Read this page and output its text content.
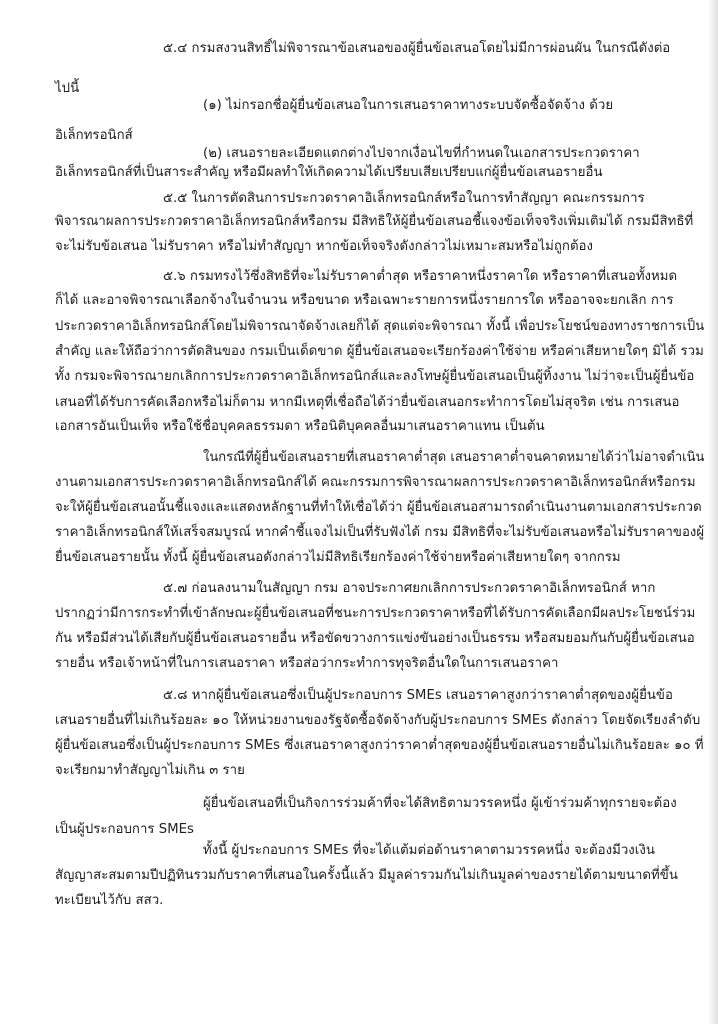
๕.๔ กรมสงวนสิทธิ์ไม่พิจารณาข้อเสนอของผู้ยื่นข้อเสนอโดยไม่มีการผ่อนผัน ในกรณีดังต่อ
ไปนี้
(๑) ไม่กรอกชื่อผู้ยื่นข้อเสนอในการเสนอราคาทางระบบจัดซื้อจัดจ้าง ด้วย
อิเล็กทรอนิกส์
(๒) เสนอรายละเอียดแตกต่างไปจากเงื่อนไขที่กำหนดในเอกสารประกวดราคา
อิเล็กทรอนิกส์ที่เป็นสาระสำคัญ หรือมีผลทำให้เกิดความได้เปรียบเสียเปรียบแก่ผู้ยื่นข้อเสนอรายอื่น
๕.๕ ในการตัดสินการประกวดราคาอิเล็กทรอนิกส์หรือในการทำสัญญา คณะกรรมการ
พิจารณาผลการประกวดราคาอิเล็กทรอนิกส์หรือกรม มีสิทธิให้ผู้ยื่นข้อเสนอชี้แจงข้อเท็จจริงเพิ่มเติมได้ กรมมีสิทธิที่
จะไม่รับข้อเสนอ ไม่รับราคา หรือไม่ทำสัญญา หากข้อเท็จจริงดังกล่าวไม่เหมาะสมหรือไม่ถูกต้อง
๕.๖ กรมทรงไว้ซึ่งสิทธิที่จะไม่รับราคาต่ำสุด หรือราคาหนึ่งราคาใด หรือราคาที่เสนอทั้งหมด
ก็ได้ และอาจพิจารณาเลือกจ้างในจำนวน หรือขนาด หรือเฉพาะรายการหนึ่งรายการใด หรืออาจจะยกเลิก การ
ประกวดราคาอิเล็กทรอนิกส์โดยไม่พิจารณาจัดจ้างเลยก็ได้ สุดแต่จะพิจารณา ทั้งนี้ เพื่อประโยชน์ของทางราชการเป็น
สำคัญ และให้ถือว่าการตัดสินของ กรมเป็นเด็ดขาด ผู้ยื่นข้อเสนอจะเรียกร้องค่าใช้จ่าย หรือค่าเสียหายใดๆ มิได้ รวม
ทั้ง กรมจะพิจารณายกเลิกการประกวดราคาอิเล็กทรอนิกส์และลงโทษผู้ยื่นข้อเสนอเป็นผู้ทิ้งงาน ไม่ว่าจะเป็นผู้ยื่นข้อ
เสนอที่ได้รับการคัดเลือกหรือไม่ก็ตาม หากมีเหตุที่เชื่อถือได้ว่ายื่นข้อเสนอกระทำการโดยไม่สุจริต เช่น การเสนอ
เอกสารอันเป็นเท็จ หรือใช้ชื่อบุคคลธรรมดา หรือนิติบุคคลอื่นมาเสนอราคาแทน เป็นต้น
ในกรณีที่ผู้ยื่นข้อเสนอรายที่เสนอราคาต่ำสุด เสนอราคาต่ำจนคาดหมายได้ว่าไม่อาจดำเนิน
งานตามเอกสารประกวดราคาอิเล็กทรอนิกส์ได้ คณะกรรมการพิจารณาผลการประกวดราคาอิเล็กทรอนิกส์หรือกรม
จะให้ผู้ยื่นข้อเสนอนั้นชี้แจงและแสดงหลักฐานที่ทำให้เชื่อได้ว่า ผู้ยื่นข้อเสนอสามารถดำเนินงานตามเอกสารประกวด
ราคาอิเล็กทรอนิกส์ให้เสร็จสมบูรณ์ หากคำชี้แจงไม่เป็นที่รับฟังได้ กรม มีสิทธิที่จะไม่รับข้อเสนอหรือไม่รับราคาของผู้
ยื่นข้อเสนอรายนั้น ทั้งนี้ ผู้ยื่นข้อเสนอดังกล่าวไม่มีสิทธิเรียกร้องค่าใช้จ่ายหรือค่าเสียหายใดๆ จากกรม
๕.๗ ก่อนลงนามในสัญญา กรม อาจประกาศยกเลิกการประกวดราคาอิเล็กทรอนิกส์ หาก
ปรากฏว่ามีการกระทำที่เข้าลักษณะผู้ยื่นข้อเสนอที่ชนะการประกวดราคาหรือที่ได้รับการคัดเลือกมีผลประโยชน์ร่วม
กัน หรือมีส่วนได้เสียกับผู้ยื่นข้อเสนอรายอื่น หรือขัดขวางการแข่งขันอย่างเป็นธรรม หรือสมยอมกันกับผู้ยื่นข้อเสนอ
รายอื่น หรือเจ้าหน้าที่ในการเสนอราคา หรือส่อว่ากระทำการทุจริตอื่นใดในการเสนอราคา
๕.๘ หากผู้ยื่นข้อเสนอซึ่งเป็นผู้ประกอบการ SMEs เสนอราคาสูงกว่าราคาต่ำสุดของผู้ยื่นข้อ
เสนอรายอื่นที่ไม่เกินร้อยละ ๑๐ ให้หน่วยงานของรัฐจัดซื้อจัดจ้างกับผู้ประกอบการ SMEs ดังกล่าว โดยจัดเรียงลำดับ
ผู้ยื่นข้อเสนอซึ่งเป็นผู้ประกอบการ SMEs ซึ่งเสนอราคาสูงกว่าราคาต่ำสุดของผู้ยื่นข้อเสนอรายอื่นไม่เกินร้อยละ ๑๐ ที่
จะเรียกมาทำสัญญาไม่เกิน ๓ ราย
ผู้ยื่นข้อเสนอที่เป็นกิจการร่วมค้าที่จะได้สิทธิตามวรรคหนึ่ง ผู้เข้าร่วมค้าทุกรายจะต้อง
เป็นผู้ประกอบการ SMEs
ทั้งนี้ ผู้ประกอบการ SMEs ที่จะได้แต้มต่อด้านราคาตามวรรคหนึ่ง จะต้องมีวงเงิน
สัญญาสะสมตามปีปฏิทินรวมกับราคาที่เสนอในครั้งนี้แล้ว มีมูลค่ารวมกันไม่เกินมูลค่าของรายได้ตามขนาดที่ขึ้น
ทะเบียนไว้กับ สสว.
